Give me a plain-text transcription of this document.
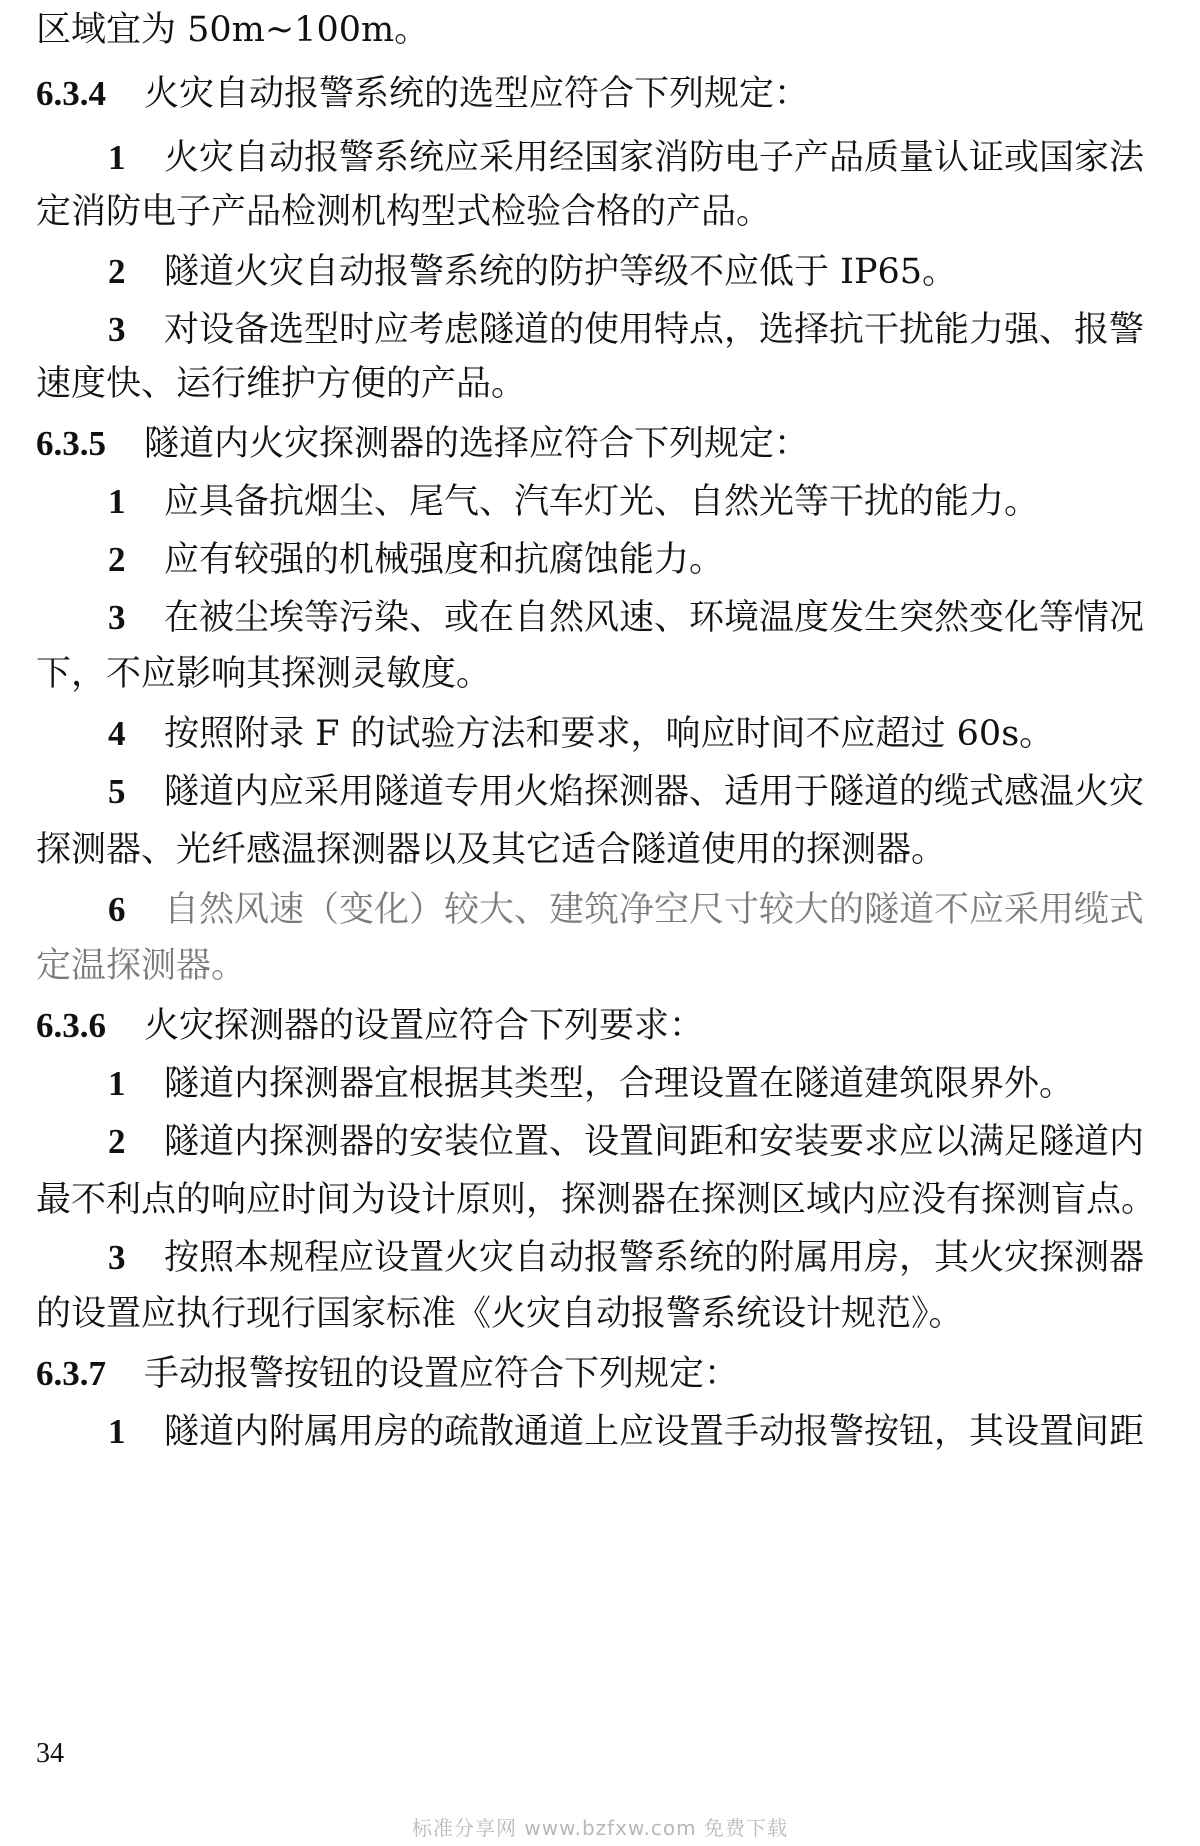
区域宜为 50m~100m。
6.3.4 火灾自动报警系统的选型应符合下列规定：
1 火灾自动报警系统应采用经国家消防电子产品质量认证或国家法
定消防电子产品检测机构型式检验合格的产品。
2 隧道火灾自动报警系统的防护等级不应低于 IP65。
3 对设备选型时应考虑隧道的使用特点，选择抗干扰能力强、报警
速度快、运行维护方便的产品。
6.3.5 隧道内火灾探测器的选择应符合下列规定：
1 应具备抗烟尘、尾气、汽车灯光、自然光等干扰的能力。
2 应有较强的机械强度和抗腐蚀能力。
3 在被尘埃等污染、或在自然风速、环境温度发生突然变化等情况
下，不应影响其探测灵敏度。
4 按照附录 F 的试验方法和要求，响应时间不应超过 60s。
5 隧道内应采用隧道专用火焰探测器、适用于隧道的缆式感温火灾
探测器、光纤感温探测器以及其它适合隧道使用的探测器。
6 自然风速（变化）较大、建筑净空尺寸较大的隧道不应采用缆式
定温探测器。
6.3.6 火灾探测器的设置应符合下列要求：
1 隧道内探测器宜根据其类型，合理设置在隧道建筑限界外。
2 隧道内探测器的安装位置、设置间距和安装要求应以满足隧道内
最不利点的响应时间为设计原则，探测器在探测区域内应没有探测盲点。
3 按照本规程应设置火灾自动报警系统的附属用房，其火灾探测器
的设置应执行现行国家标准《火灾自动报警系统设计规范》。
6.3.7 手动报警按钮的设置应符合下列规定：
1 隧道内附属用房的疏散通道上应设置手动报警按钮，其设置间距
34
标准分享网 www.bzfxw.com 免费下载
